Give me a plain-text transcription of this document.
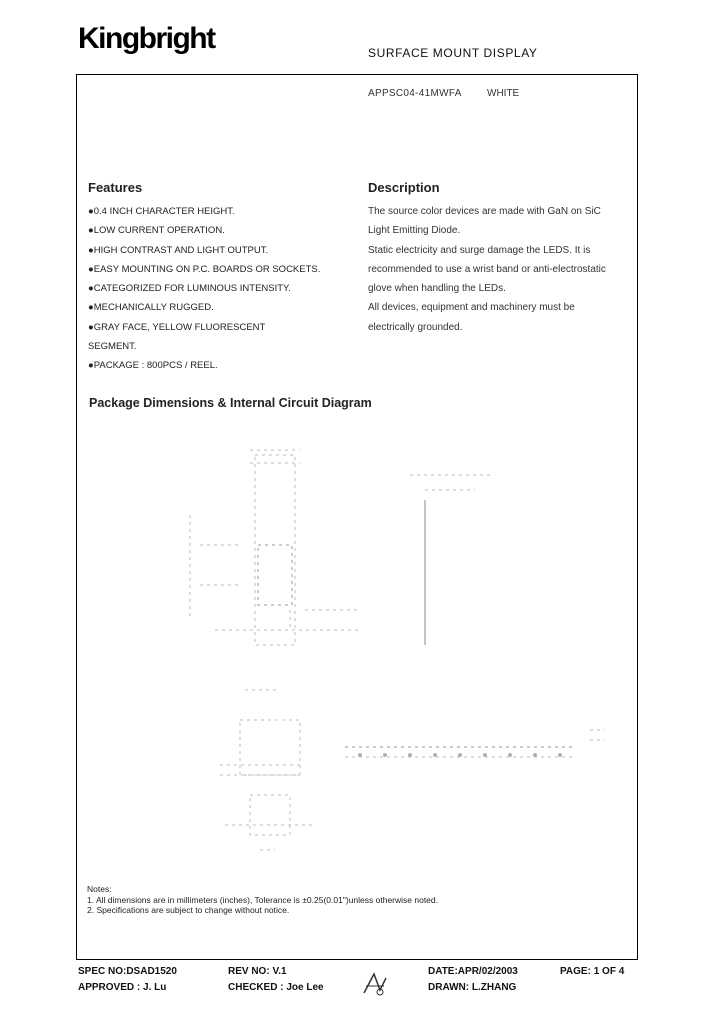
Kingbright	SURFACE MOUNT DISPLAY
APPSC04-41MWFA	WHITE
Features
●0.4 INCH CHARACTER HEIGHT.
●LOW CURRENT OPERATION.
●HIGH CONTRAST AND LIGHT OUTPUT.
●EASY MOUNTING ON P.C. BOARDS OR SOCKETS.
●CATEGORIZED FOR LUMINOUS INTENSITY.
●MECHANICALLY RUGGED.
●GRAY FACE, YELLOW FLUORESCENT
SEGMENT.
●PACKAGE : 800PCS / REEL.
Description
The source color devices are made with GaN on SiC
Light Emitting Diode.
Static electricity and surge damage the LEDS. It is
recommended to use a wrist band or anti-electrostatic
glove when handling the LEDs.
All devices, equipment and machinery must be
electrically grounded.
Package Dimensions & Internal Circuit Diagram
Notes:
1. All dimensions are in millimeters (inches), Tolerance is ±0.25(0.01")unless otherwise noted.
2. Specifications are subject to change without notice.
SPEC NO:DSAD1520	REV NO: V.1	DATE:APR/02/2003	PAGE: 1 OF 4
APPROVED : J. Lu	CHECKED : Joe Lee	DRAWN: L.ZHANG
